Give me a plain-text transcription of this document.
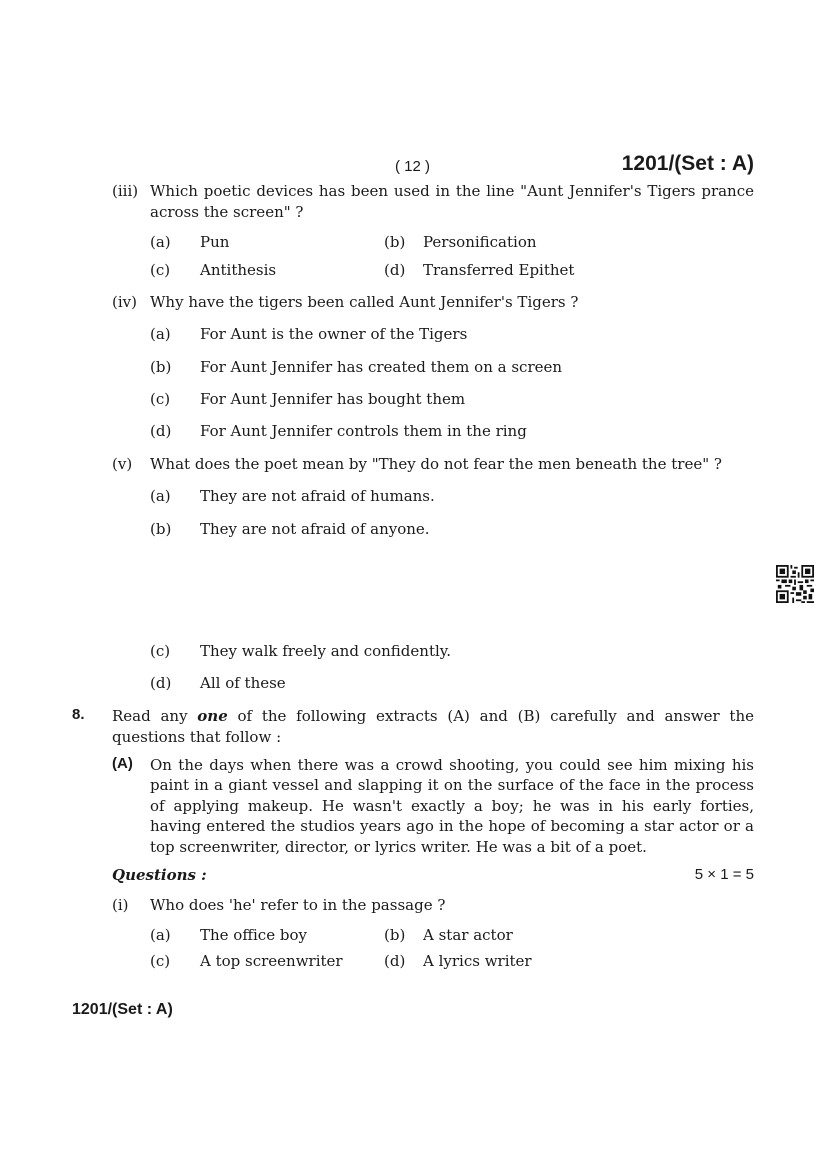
( 12 )	1201/(Set : A)
(iii) Which poetic devices has been used in the line "Aunt Jennifer's Tigers prance across the screen" ?
(a) Pun	(b) Personification
(c) Antithesis	(d) Transferred Epithet
(iv) Why have the tigers been called Aunt Jennifer's Tigers ?
(a) For Aunt is the owner of the Tigers
(b) For Aunt Jennifer has created them on a screen
(c) For Aunt Jennifer has bought them
(d) For Aunt Jennifer controls them in the ring
(v) What does the poet mean by "They do not fear the men beneath the tree" ?
(a) They are not afraid of humans.
(b) They are not afraid of anyone.
(c) They walk freely and confidently.
(d) All of these
8. Read any one of the following extracts (A) and (B) carefully and answer the questions that follow :
(A) On the days when there was a crowd shooting, you could see him mixing his paint in a giant vessel and slapping it on the surface of the face in the process of applying makeup. He wasn't exactly a boy; he was in his early forties, having entered the studios years ago in the hope of becoming a star actor or a top screenwriter, director, or lyrics writer. He was a bit of a poet.
Questions :	5 × 1 = 5
(i) Who does 'he' refer to in the passage ?
(a) The office boy	(b) A star actor
(c) A top screenwriter	(d) A lyrics writer
1201/(Set : A)
